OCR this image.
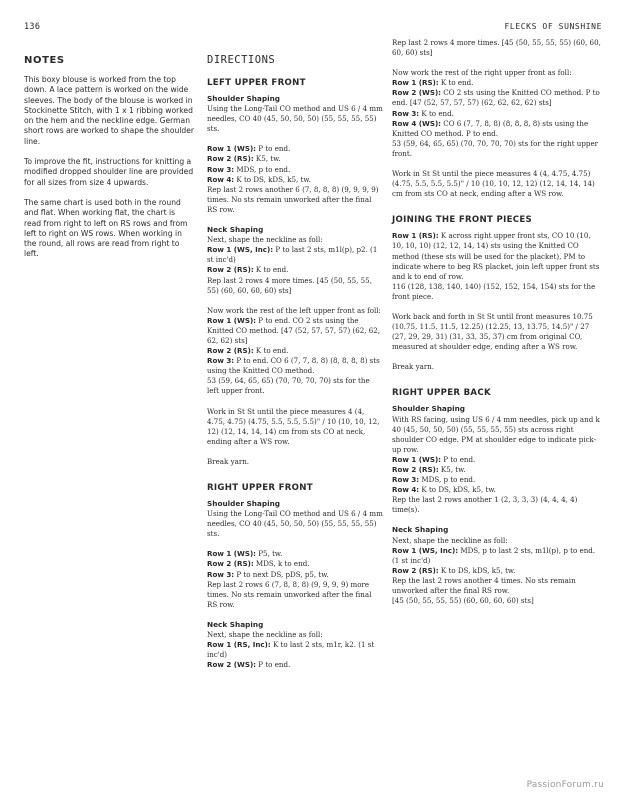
136	FLECKS OF SUNSHINE
NOTES

This boxy blouse is worked from the top down. A lace pattern is worked on the wide sleeves. The body of the blouse is worked in Stockinette Stitch, with 1 x 1 ribbing worked on the hem and the neckline edge. German short rows are worked to shape the shoulder line.

To improve the fit, instructions for knitting a modified dropped shoulder line are provided for all sizes from size 4 upwards.

The same chart is used both in the round and flat. When working flat, the chart is read from right to left on RS rows and from left to right on WS rows. When working in the round, all rows are read from right to left.

DIRECTIONS
LEFT UPPER FRONT
Shoulder Shaping
Using the Long-Tail CO method and US 6 / 4 mm needles, CO 40 (45, 50, 50, 50) (55, 55, 55, 55) sts.
Row 1 (WS): P to end.
Row 2 (RS): K5, tw.
Row 3: MDS, p to end.
Row 4: K to DS, kDS, k5, tw.
Rep last 2 rows another 6 (7, 8, 8, 8) (9, 9, 9, 9) times. No sts remain unworked after the final RS row.
Neck Shaping
Next, shape the neckline as foll:
Row 1 (WS, Inc): P to last 2 sts, m1l(p), p2. (1 st inc'd)
Row 2 (RS): K to end.
Rep last 2 rows 4 more times. [45 (50, 55, 55, 55) (60, 60, 60, 60) sts]
Now work the rest of the left upper front as foll:
Row 1 (WS): P to end. CO 2 sts using the Knitted CO method. [47 (52, 57, 57, 57) (62, 62, 62, 62) sts]
Row 2 (RS): K to end.
Row 3: P to end. CO 6 (7, 7, 8, 8) (8, 8, 8, 8) sts using the Knitted CO method.
53 (59, 64, 65, 65) (70, 70, 70, 70) sts for the left upper front.
Work in St St until the piece measures 4 (4, 4.75, 4.75) (4.75, 5.5, 5.5, 5.5)" / 10 (10, 10, 12, 12) (12, 14, 14, 14) cm from sts CO at neck, ending after a WS row.
Break yarn.
RIGHT UPPER FRONT
Shoulder Shaping
Using the Long-Tail CO method and US 6 / 4 mm needles, CO 40 (45, 50, 50, 50) (55, 55, 55, 55) sts.
Row 1 (WS): P5, tw.
Row 2 (RS): MDS, k to end.
Row 3: P to next DS, pDS, p5, tw.
Rep last 2 rows 6 (7, 8, 8, 8) (9, 9, 9, 9) more times. No sts remain unworked after the final RS row.
Neck Shaping
Next, shape the neckline as foll:
Row 1 (RS, Inc): K to last 2 sts, m1r, k2. (1 st inc'd)
Row 2 (WS): P to end.
Rep last 2 rows 4 more times. [45 (50, 55, 55, 55) (60, 60, 60, 60) sts]
Now work the rest of the right upper front as foll:
Row 1 (RS): K to end.
Row 2 (WS): CO 2 sts using the Knitted CO method. P to end. [47 (52, 57, 57, 57) (62, 62, 62, 62) sts]
Row 3: K to end.
Row 4 (WS): CO 6 (7, 7, 8, 8) (8, 8, 8, 8) sts using the Knitted CO method. P to end.
53 (59, 64, 65, 65) (70, 70, 70, 70) sts for the right upper front.
Work in St St until the piece measures 4 (4, 4.75, 4.75) (4.75, 5.5, 5.5, 5.5)" / 10 (10, 10, 12, 12) (12, 14, 14, 14) cm from sts CO at neck, ending after a WS row.
JOINING THE FRONT PIECES
Row 1 (RS): K across right upper front sts, CO 10 (10, 10, 10, 10) (12, 12, 14, 14) sts using the Knitted CO method (these sts will be used for the placket), PM to indicate where to beg RS placket, join left upper front sts and k to end of row.
116 (128, 138, 140, 140) (152, 152, 154, 154) sts for the front piece.
Work back and forth in St St until front measures 10.75 (10.75, 11.5, 11.5, 12.25) (12.25, 13, 13.75, 14.5)" / 27 (27, 29, 29, 31) (31, 33, 35, 37) cm from original CO, measured at shoulder edge, ending after a WS row.
Break yarn.
RIGHT UPPER BACK
Shoulder Shaping
With RS facing, using US 6 / 4 mm needles, pick up and k 40 (45, 50, 50, 50) (55, 55, 55, 55) sts across right shoulder CO edge. PM at shoulder edge to indicate pick-up row.
Row 1 (WS): P to end.
Row 2 (RS): K5, tw.
Row 3: MDS, p to end.
Row 4: K to DS, kDS, k5, tw.
Rep the last 2 rows another 1 (2, 3, 3, 3) (4, 4, 4, 4) time(s).
Neck Shaping
Next, shape the neckline as foll:
Row 1 (WS, Inc): MDS, p to last 2 sts, m1l(p), p to end. (1 st inc'd)
Row 2 (RS): K to DS, kDS, k5, tw.
Rep the last 2 rows another 4 times. No sts remain unworked after the final RS row.
[45 (50, 55, 55, 55) (60, 60, 60, 60) sts]
PassionForum.ru
